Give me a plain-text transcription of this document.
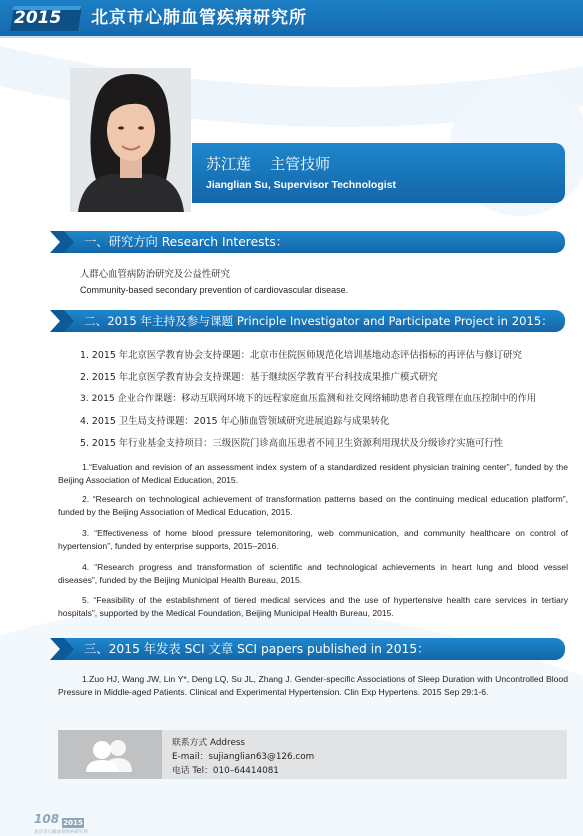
2015	北京市心肺血管疾病研究所
苏江莲    主管技师
Jianglian Su, Supervisor Technologist
一、研究方向 Research Interests：
人群心血管病防治研究及公益性研究
Community-based secondary prevention of cardiovascular disease.
二、2015 年主持及参与课题 Principle Investigator and Participate Project in 2015：
1. 2015 年北京医学教育协会支持课题：北京市住院医师规范化培训基地动态评估指标的再评估与修订研究
2. 2015 年北京医学教育协会支持课题：基于继续医学教育平台科技成果推广模式研究
3. 2015 企业合作课题：移动互联网环境下的远程家庭血压监测和社交网络辅助患者自我管理在血压控制中的作用
4. 2015 卫生局支持课题：2015 年心肺血管领域研究进展追踪与成果转化
5. 2015 年行业基金支持项目：三级医院门诊高血压患者不同卫生资源利用现状及分级诊疗实施可行性
1.“Evaluation and revision of an assessment index system of a standardized resident physician training center”, funded by the Beijing Association of Medical Education, 2015.
2. “Research on technological achievement of transformation patterns based on the continuing medical education platform”, funded by the Beijing Association of Medical Education, 2015.
3. “Effectiveness of home blood pressure telemonitoring, web communication, and community healthcare on control of hypertension”, funded by enterprise supports, 2015–2016.
4. “Research progress and transformation of scientific and technological achievements in heart lung and blood vessel diseases”, funded by the Beijing Municipal Health Bureau, 2015.
5. “Feasibility of the establishment of tiered medical services and the use of hypertensive health care services in tertiary hospitals”, supported by the Medical Foundation, Beijing Municipal Health Bureau, 2015.
三、2015 年发表 SCI 文章 SCI papers published in 2015：
1.Zuo HJ, Wang JW, Lin Y*, Deng LQ, Su JL, Zhang J. Gender-specific Associations of Sleep Duration with Uncontrolled Blood Pressure in Middle-aged Patients. Clinical and Experimental Hypertension. Clin Exp Hypertens. 2015 Sep 29:1-6.
联系方式 Address
E-mail：sujianglian63@126.com
电话 Tel：010–64414081
108 2015
北京市心肺血管疾病研究所
